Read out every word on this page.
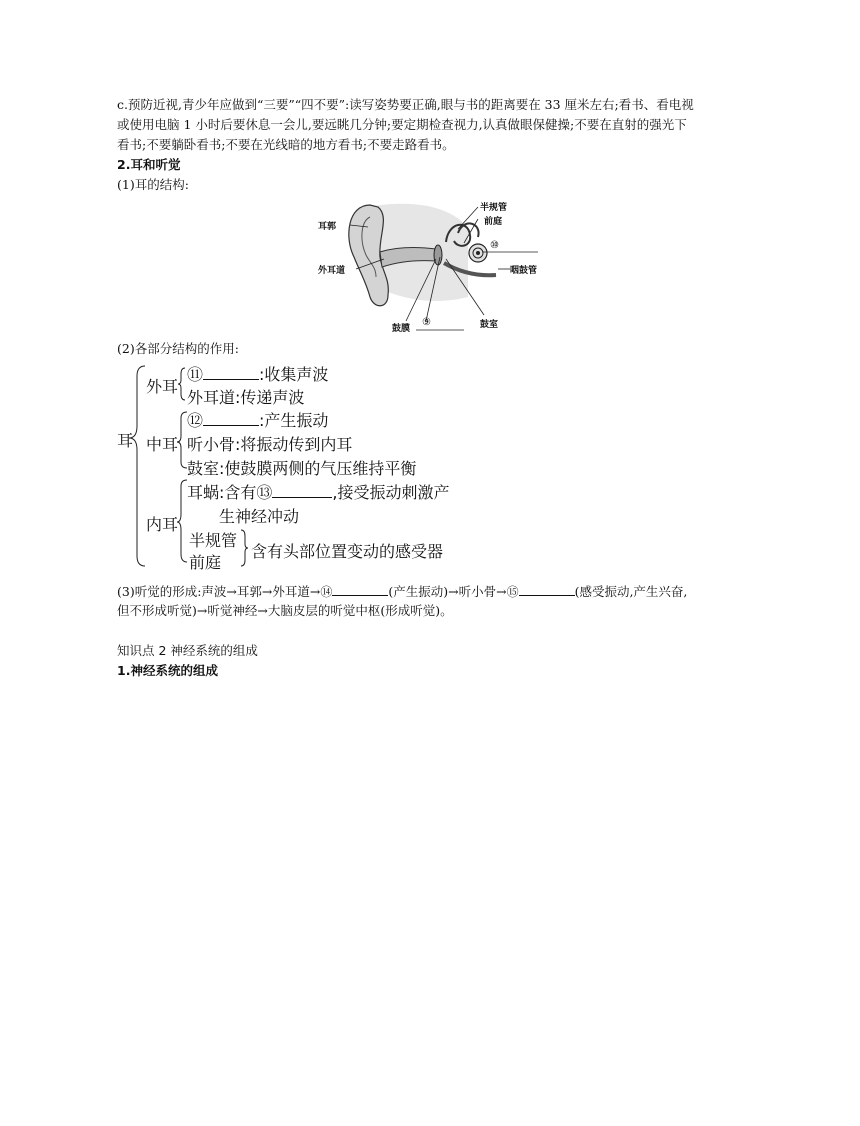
c.预防近视,青少年应做到“三要”“四不要”:读写姿势要正确,眼与书的距离要在 33 厘米左右;看书、看电视
或使用电脑 1 小时后要休息一会儿,要远眺几分钟;要定期检查视力,认真做眼保健操;不要在直射的强光下
看书;不要躺卧看书;不要在光线暗的地方看书;不要走路看书。
2.耳和听觉
(1)耳的结构:
耳郭
外耳道
鼓膜
⑨	鼓室
半规管
前庭
⑩
咽鼓管
(2)各部分结构的作用:
耳
外耳
⑪	:收集声波
外耳道:传递声波
中耳
⑫	:产生振动
听小骨:将振动传到内耳
鼓室:使鼓膜两侧的气压维持平衡
内耳
耳蜗:含有⑬	,接受振动刺激产
生神经冲动
半规管
前庭
含有头部位置变动的感受器
(3)听觉的形成:声波→耳郭→外耳道→⑭	(产生振动)→听小骨→⑮	(感受振动,产生兴奋,
但不形成听觉)→听觉神经→大脑皮层的听觉中枢(形成听觉)。
知识点 2 神经系统的组成
1.神经系统的组成
